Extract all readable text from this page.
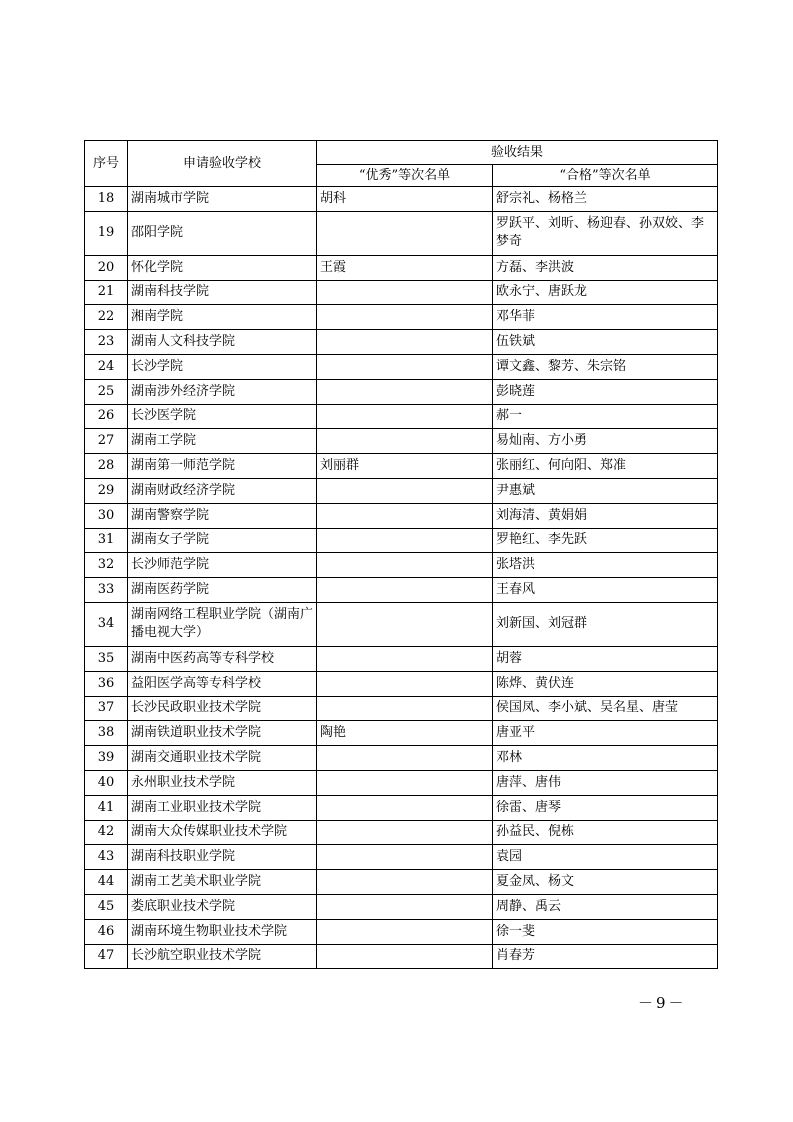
序号	申请验收学校	验收结果	
		“优秀”等次名单	“合格”等次名单
18	湖南城市学院	胡科	舒宗礼、杨格兰
19	邵阳学院		罗跃平、刘昕、杨迎春、孙双姣、李梦奇
20	怀化学院	王霞	方磊、李洪波
21	湖南科技学院		欧永宁、唐跃龙
22	湘南学院		邓华菲
23	湖南人文科技学院		伍铁斌
24	长沙学院		谭文鑫、黎芳、朱宗铭
25	湖南涉外经济学院		彭晓莲
26	长沙医学院		郝一
27	湖南工学院		易灿南、方小勇
28	湖南第一师范学院	刘丽群	张丽红、何向阳、郑准
29	湖南财政经济学院		尹惠斌
30	湖南警察学院		刘海清、黄娟娟
31	湖南女子学院		罗艳红、李先跃
32	长沙师范学院		张塔洪
33	湖南医药学院		王春风
34	湖南网络工程职业学院（湖南广播电视大学）		刘新国、刘冠群
35	湖南中医药高等专科学校		胡蓉
36	益阳医学高等专科学校		陈烨、黄伏连
37	长沙民政职业技术学院		侯国凤、李小斌、吴名星、唐莹
38	湖南铁道职业技术学院	陶艳	唐亚平
39	湖南交通职业技术学院		邓林
40	永州职业技术学院		唐萍、唐伟
41	湖南工业职业技术学院		徐雷、唐琴
42	湖南大众传媒职业技术学院		孙益民、倪栋
43	湖南科技职业学院		袁园
44	湖南工艺美术职业学院		夏金凤、杨文
45	娄底职业技术学院		周静、禹云
46	湖南环境生物职业技术学院		徐一斐
47	长沙航空职业技术学院		肖春芳
－9－
